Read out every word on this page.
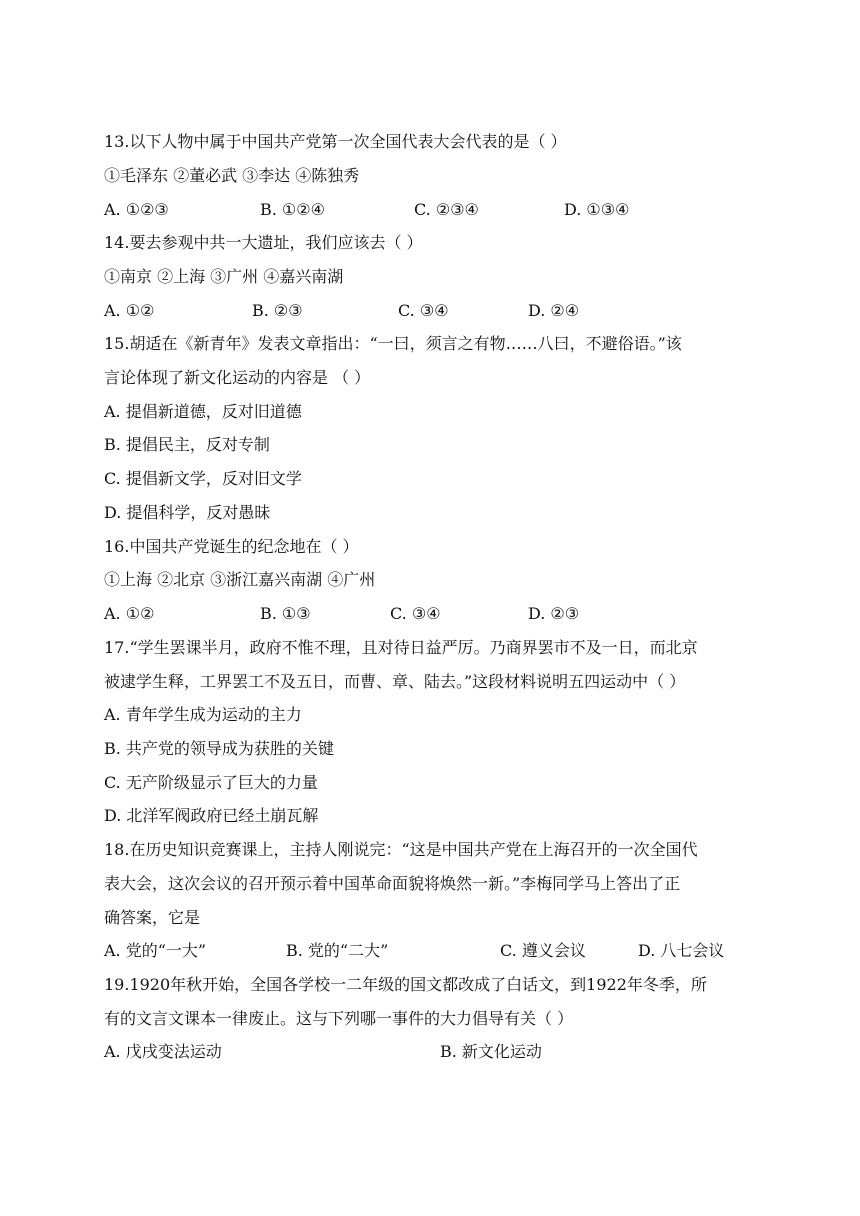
13.以下人物中属于中国共产党第一次全国代表大会代表的是（ ）
①毛泽东 ②董必武 ③李达 ④陈独秀
A. ①②③	B. ①②④	C. ②③④	D. ①③④
14.要去参观中共一大遗址，我们应该去（ ）
①南京 ②上海 ③广州 ④嘉兴南湖
A. ①②	B. ②③	C. ③④	D. ②④
15.胡适在《新青年》发表文章指出：“一曰，须言之有物……八曰，不避俗语。”该
言论体现了新文化运动的内容是 （ ）
A. 提倡新道德，反对旧道德
B. 提倡民主，反对专制
C. 提倡新文学，反对旧文学
D. 提倡科学，反对愚昧
16.中国共产党诞生的纪念地在（ ）
①上海 ②北京 ③浙江嘉兴南湖 ④广州
A. ①②	B. ①③	C. ③④	D. ②③
17.“学生罢课半月，政府不惟不理，且对待日益严厉。乃商界罢市不及一日，而北京
被逮学生释，工界罢工不及五日，而曹、章、陆去。”这段材料说明五四运动中（ ）
A. 青年学生成为运动的主力
B. 共产党的领导成为获胜的关键
C. 无产阶级显示了巨大的力量
D. 北洋军阀政府已经土崩瓦解
18.在历史知识竞赛课上，主持人刚说完：“这是中国共产党在上海召开的一次全国代
表大会，这次会议的召开预示着中国革命面貌将焕然一新。”李梅同学马上答出了正
确答案，它是
A. 党的“一大”	B. 党的“二大”	C. 遵义会议	D. 八七会议
19.1920年秋开始，全国各学校一二年级的国文都改成了白话文，到1922年冬季，所
有的文言文课本一律废止。这与下列哪一事件的大力倡导有关（ ）
A. 戊戌变法运动	B. 新文化运动
